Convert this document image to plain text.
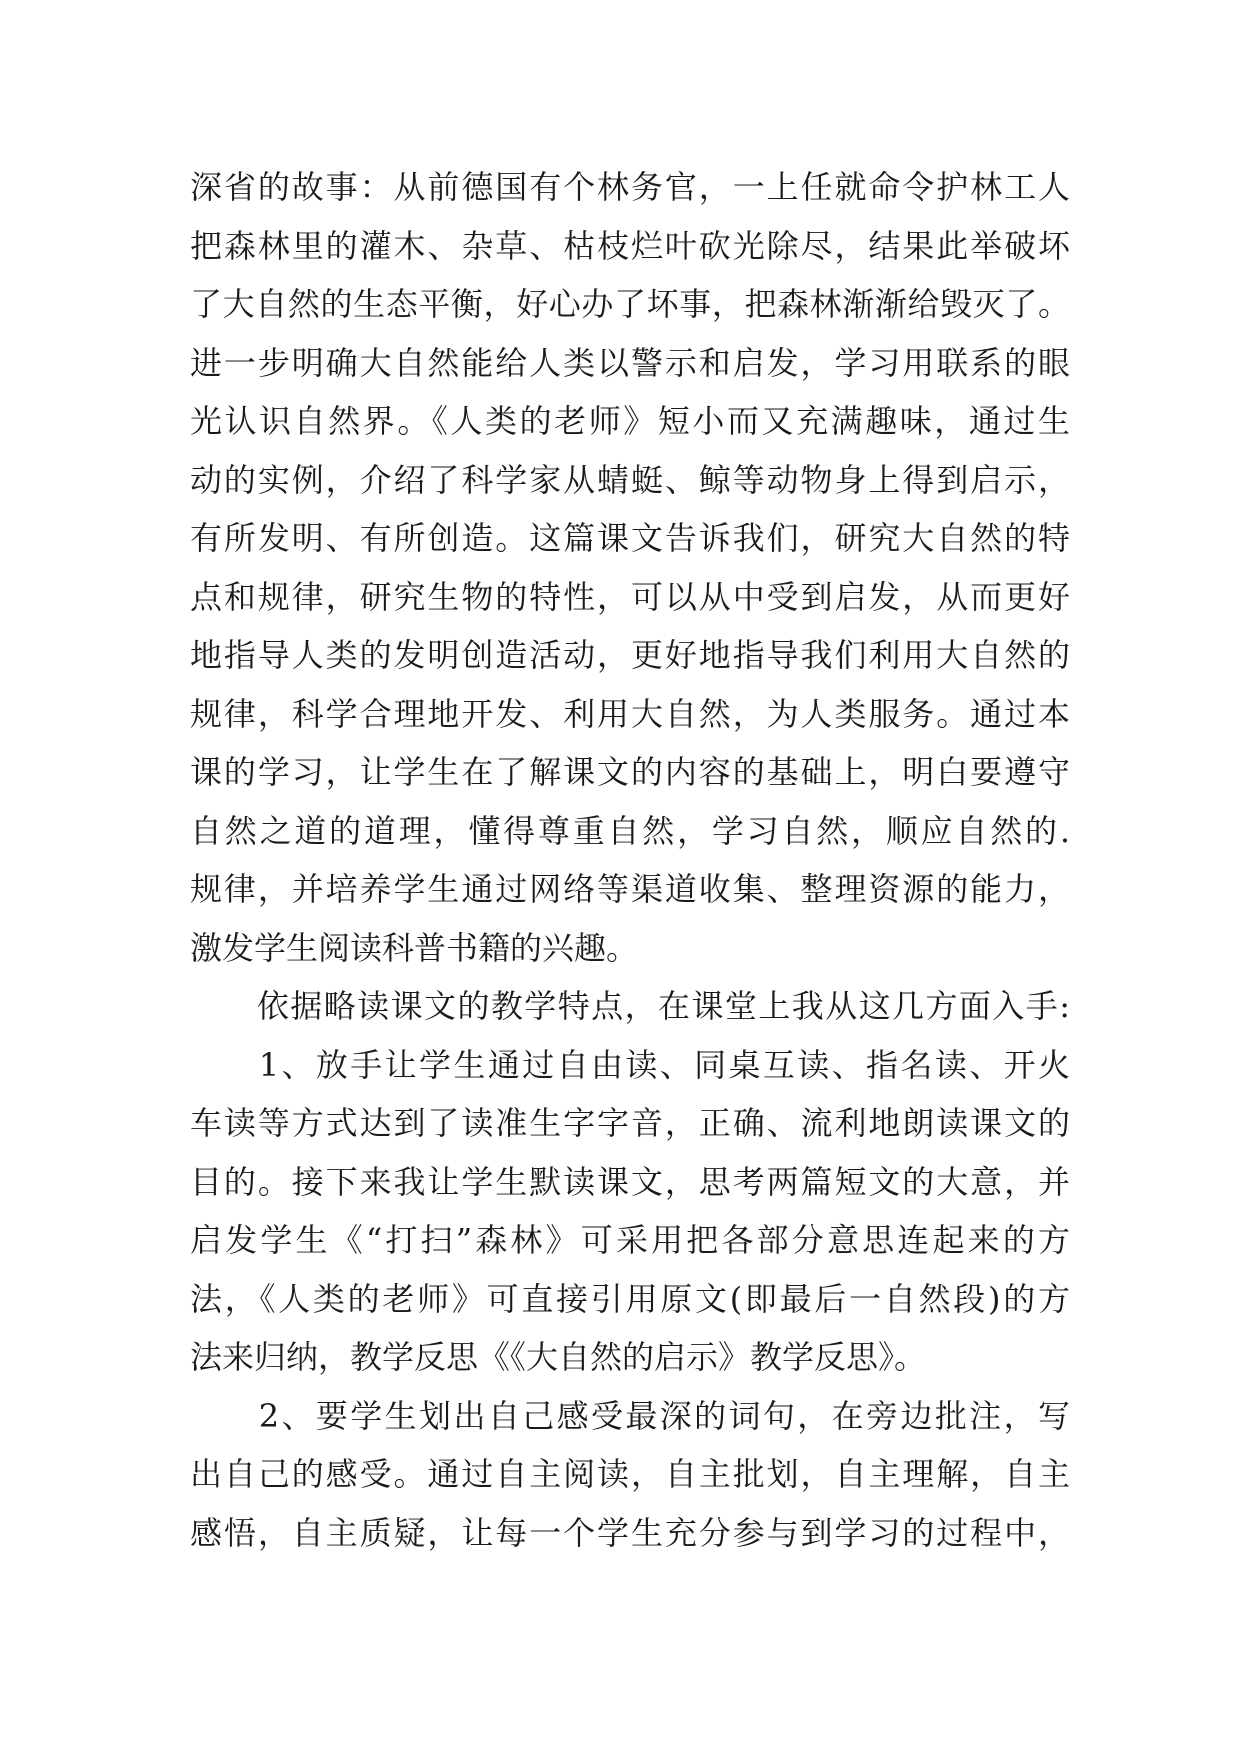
深省的故事：从前德国有个林务官，一上任就命令护林工人
把森林里的灌木、杂草、枯枝烂叶砍光除尽，结果此举破坏
了大自然的生态平衡，好心办了坏事，把森林渐渐给毁灭了。
进一步明确大自然能给人类以警示和启发，学习用联系的眼
光认识自然界。《人类的老师》短小而又充满趣味，通过生
动的实例，介绍了科学家从蜻蜓、鲸等动物身上得到启示，
有所发明、有所创造。这篇课文告诉我们，研究大自然的特
点和规律，研究生物的特性，可以从中受到启发，从而更好
地指导人类的发明创造活动，更好地指导我们利用大自然的
规律，科学合理地开发、利用大自然，为人类服务。通过本
课的学习，让学生在了解课文的内容的基础上，明白要遵守
自然之道的道理，懂得尊重自然，学习自然，顺应自然的.
规律，并培养学生通过网络等渠道收集、整理资源的能力，
激发学生阅读科普书籍的兴趣。
　　依据略读课文的教学特点，在课堂上我从这几方面入手:
　　1、放手让学生通过自由读、同桌互读、指名读、开火
车读等方式达到了读准生字字音，正确、流利地朗读课文的
目的。接下来我让学生默读课文，思考两篇短文的大意，并
启发学生《“打扫”森林》可采用把各部分意思连起来的方
法，《人类的老师》可直接引用原文(即最后一自然段)的方
法来归纳，教学反思《《大自然的启示》教学反思》。
　　2、要学生划出自己感受最深的词句，在旁边批注，写
出自己的感受。通过自主阅读，自主批划，自主理解，自主
感悟，自主质疑，让每一个学生充分参与到学习的过程中，
